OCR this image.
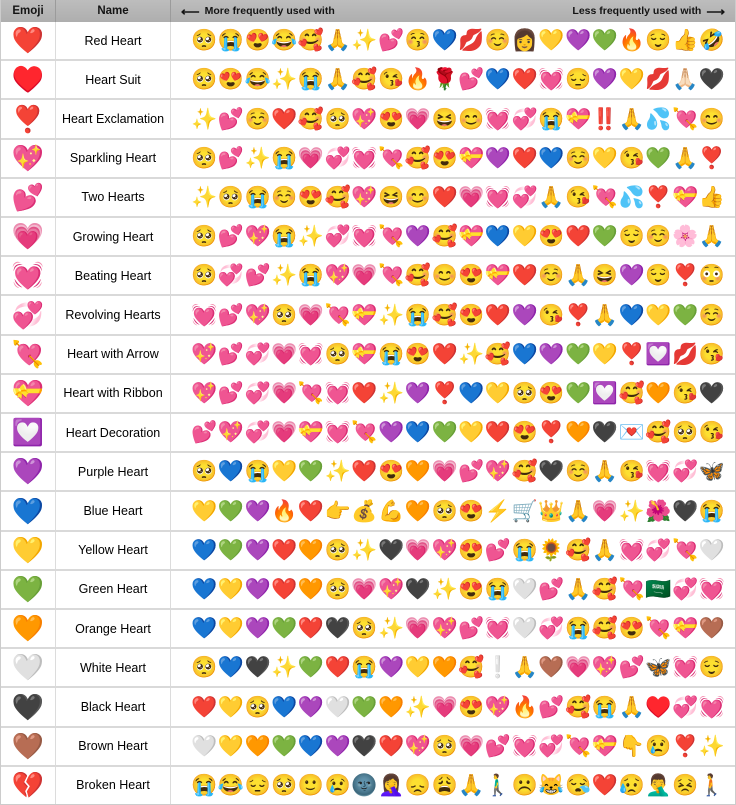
Emoji	Name	⟵ More frequently used with	Less frequently used with ⟶
❤️	Red Heart	🥺 😭 😍 😂 🥰 🙏 ✨ 💕 😚 💙 💋 ☺️ 👩 💛 💜 💚 🔥 😌 👍 🤣
♥️	Heart Suit	🥺 😍 😂 ✨ 😭 🙏 🥰 😘 🔥 🌹 💕 💙 ❤️ 💓 😔 💜 💛 💋 🙏🏻 🖤
❣️	Heart Exclamation	✨ 💕 ☺️ ❤️ 🥰 🥺 💖 😍 💗 😆 😊 💓 💞 😭 💝 ‼️ 🙏 💦 💘 😊
💖	Sparkling Heart	🥺 💕 ✨ 😭 💗 💞 💓 💘 🥰 😍 💝 💜 ❤️ 💙 ☺️ 💛 😘 💚 🙏 ❣️
💕	Two Hearts	✨ 🥺 😭 ☺️ 😍 🥰 💖 😆 😊 ❤️ 💗 💓 💞 🙏 😘 💘 💦 ❣️ 💝 👍
💗	Growing Heart	🥺 💕 💖 😭 ✨ 💞 💓 💘 💜 🥰 💝 💙 💛 😍 ❤️ 💚 😌 ☺️ 🌸 🙏
💓	Beating Heart	🥺 💞 💕 ✨ 😭 💖 💗 💘 🥰 😊 😍 💝 ❤️ ☺️ 🙏 😆 💜 😌 ❣️ 😳
💞	Revolving Hearts	💓 💕 💖 🥺 💗 💘 💝 ✨ 😭 🥰 😍 ❤️ 💜 😘 ❣️ 🙏 💙 💛 💚 ☺️
💘	Heart with Arrow	💖 💕 💞 💗 💓 🥺 💝 😭 😍 ❤️ ✨ 🥰 💙 💜 💚 💛 ❣️ 💟 💋 😘
💝	Heart with Ribbon	💖 💕 💞 💗 💘 💓 ❤️ ✨ 💜 ❣️ 💙 💛 🥺 😍 💚 💟 🥰 🧡 😘 🖤
💟	Heart Decoration	💕 💖 💞 💗 💝 💓 💘 💜 💙 💚 💛 ❤️ 😍 ❣️ 🧡 🖤 💌 🥰 🥺 😘
💜	Purple Heart	🥺 💙 😭 💛 💚 ✨ ❤️ 😍 🧡 💗 💕 💖 🥰 🖤 ☺️ 🙏 😘 💓 💞 🦋
💙	Blue Heart	💛 💚 💜 🔥 ❤️ 👉 💰 💪 🧡 🥺 😍 ⚡ 🛒 👑 🙏 💗 ✨ 🌺 🖤 😭
💛	Yellow Heart	💙 💚 💜 ❤️ 🧡 🥺 ✨ 🖤 💗 💖 😍 💕 😭 🌻 🥰 🙏 💓 💞 💘 🤍
💚	Green Heart	💙 💛 💜 ❤️ 🧡 🥺 💗 💖 🖤 ✨ 😍 😭 🤍 💕 🙏 🥰 💘 🇸🇦 💞 💓
🧡	Orange Heart	💙 💛 💜 💚 ❤️ 🖤 🥺 ✨ 💗 💖 💕 💓 🤍 💞 😭 🥰 😍 💘 💝 🤎
🤍	White Heart	🥺 💙 🖤 ✨ 💚 ❤️ 😭 💜 💛 🧡 🥰 ❕ 🙏 🤎 💗 💖 💕 🦋 💓 😌
🖤	Black Heart	❤️ 💛 🥺 💙 💜 🤍 💚 🧡 ✨ 💗 😍 💖 🔥 💕 🥰 😭 🙏 ♥️ 💞 💓
🤎	Brown Heart	🤍 💛 🧡 💚 💙 💜 🖤 ❤️ 💖 🥺 💗 💕 💓 💞 💘 💝 👇 😢 ❣️ ✨
💔	Broken Heart	😭 😂 😔 🥺 🙂 😢 🌚 🤦‍♀️ 😞 😩 🙏 🚶‍♂️ ☹️ 😹 😪 ❤️ 😥 🤦‍♂️ 😣 🚶
